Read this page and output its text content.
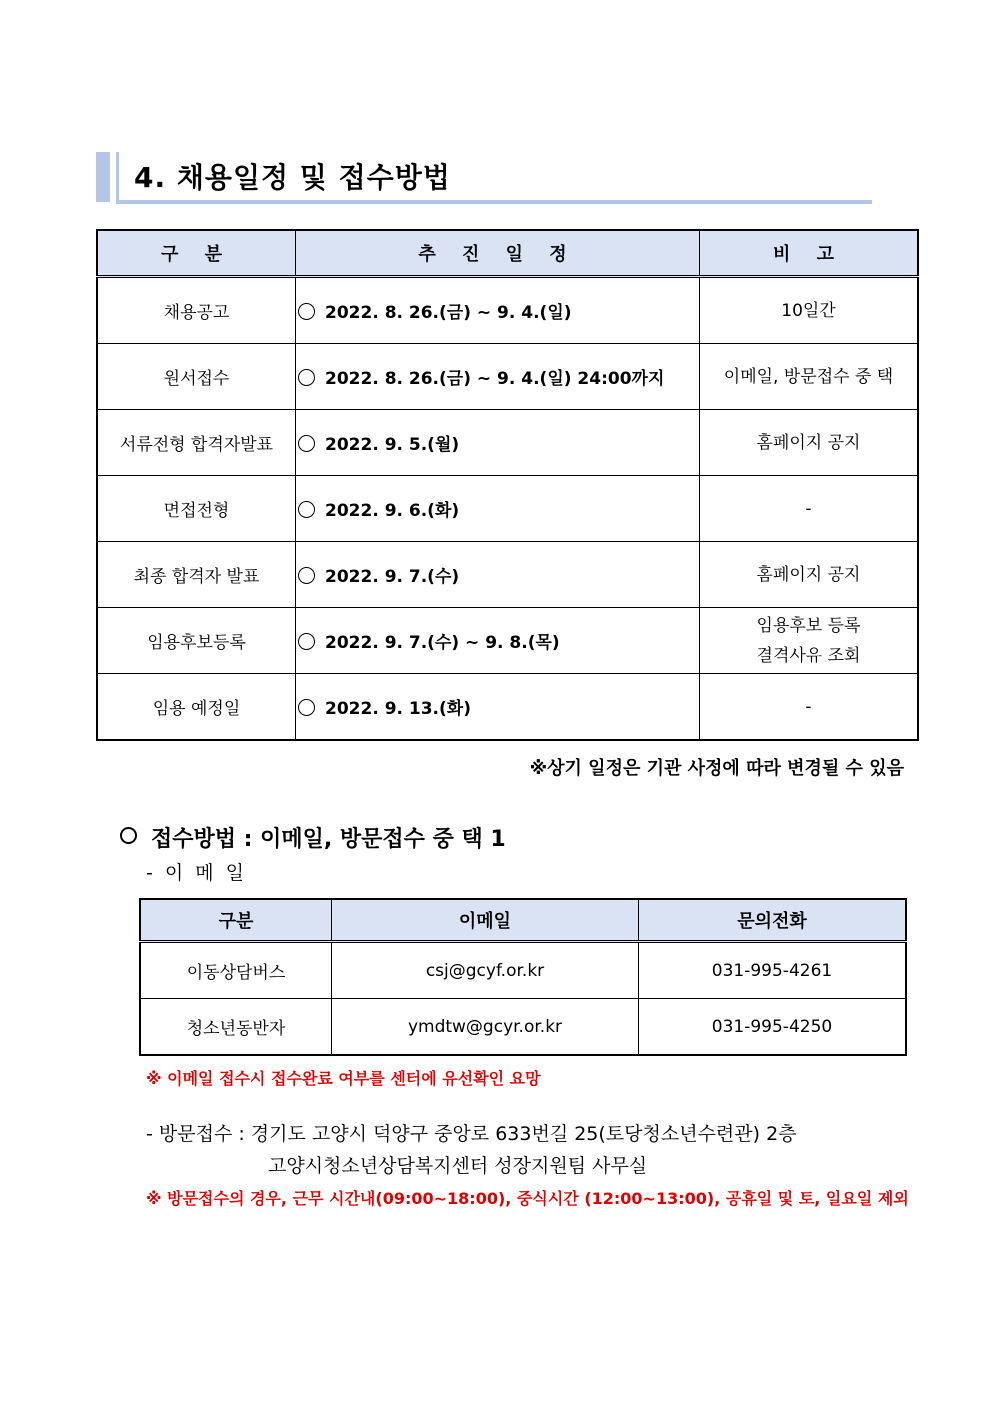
4. 채용일정 및 접수방법
구 분	추 진 일 정	비 고
채용공고	2022. 8. 26.(금) ~ 9. 4.(일)	10일간

원서접수	2022. 8. 26.(금) ~ 9. 4.(일) 24:00까지	이메일, 방문접수 중 택

서류전형 합격자발표	2022. 9. 5.(월)	홈페이지 공지

면접전형	2022. 9. 6.(화)	-

최종 합격자 발표	2022. 9. 7.(수)	홈페이지 공지

임용후보등록	2022. 9. 7.(수) ~ 9. 8.(목)	임용후보 등록
결격사유 조회

임용 예정일	2022. 9. 13.(화)	-
※상기 일정은 기관 사정에 따라 변경될 수 있음
접수방법 : 이메일, 방문접수 중 택 1
- 이 메 일
구분	이메일	문의전화
이동상담버스	csj@gcyf.or.kr	031-995-4261
청소년동반자	ymdtw@gcyr.or.kr	031-995-4250
※ 이메일 접수시 접수완료 여부를 센터에 유선확인 요망
- 방문접수 : 경기도 고양시 덕양구 중앙로 633번길 25(토당청소년수련관) 2층
고양시청소년상담복지센터 성장지원팀 사무실
※ 방문접수의 경우, 근무 시간내(09:00~18:00), 중식시간 (12:00~13:00), 공휴일 및 토, 일요일 제외
